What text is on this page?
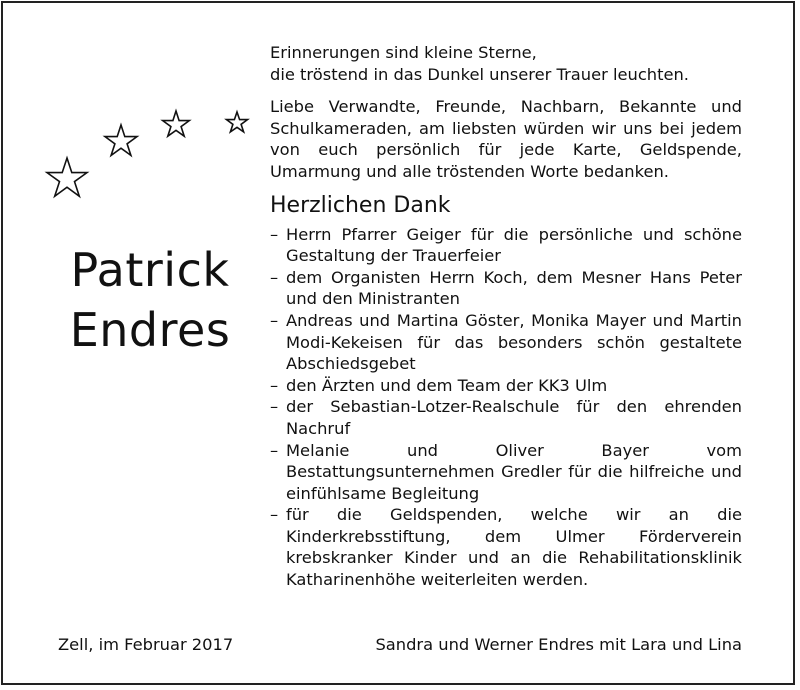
Patrick
Endres
Erinnerungen sind kleine Sterne,
die tröstend in das Dunkel unserer Trauer leuchten.

Liebe Verwandte, Freunde, Nachbarn, Bekannte und Schulkameraden, am liebsten würden wir uns bei jedem von euch persönlich für jede Karte, Geldspende, Umarmung und alle tröstenden Worte bedanken.

Herzlichen Dank
– Herrn Pfarrer Geiger für die persönliche und schöne Gestaltung der Trauerfeier
– dem Organisten Herrn Koch, dem Mesner Hans Peter und den Ministranten
– Andreas und Martina Göster, Monika Mayer und Martin Modi-Kekeisen für das besonders schön gestaltete Abschiedsgebet
– den Ärzten und dem Team der KK3 Ulm
– der Sebastian-Lotzer-Realschule für den ehrenden Nachruf
– Melanie und Oliver Bayer vom Bestattungsunternehmen Gredler für die hilfreiche und einfühlsame Begleitung
– für die Geldspenden, welche wir an die Kinderkrebsstiftung, dem Ulmer Förderverein krebskranker Kinder und an die Rehabilitationsklinik Katharinenhöhe weiterleiten werden.
Zell, im Februar 2017	Sandra und Werner Endres mit Lara und Lina
